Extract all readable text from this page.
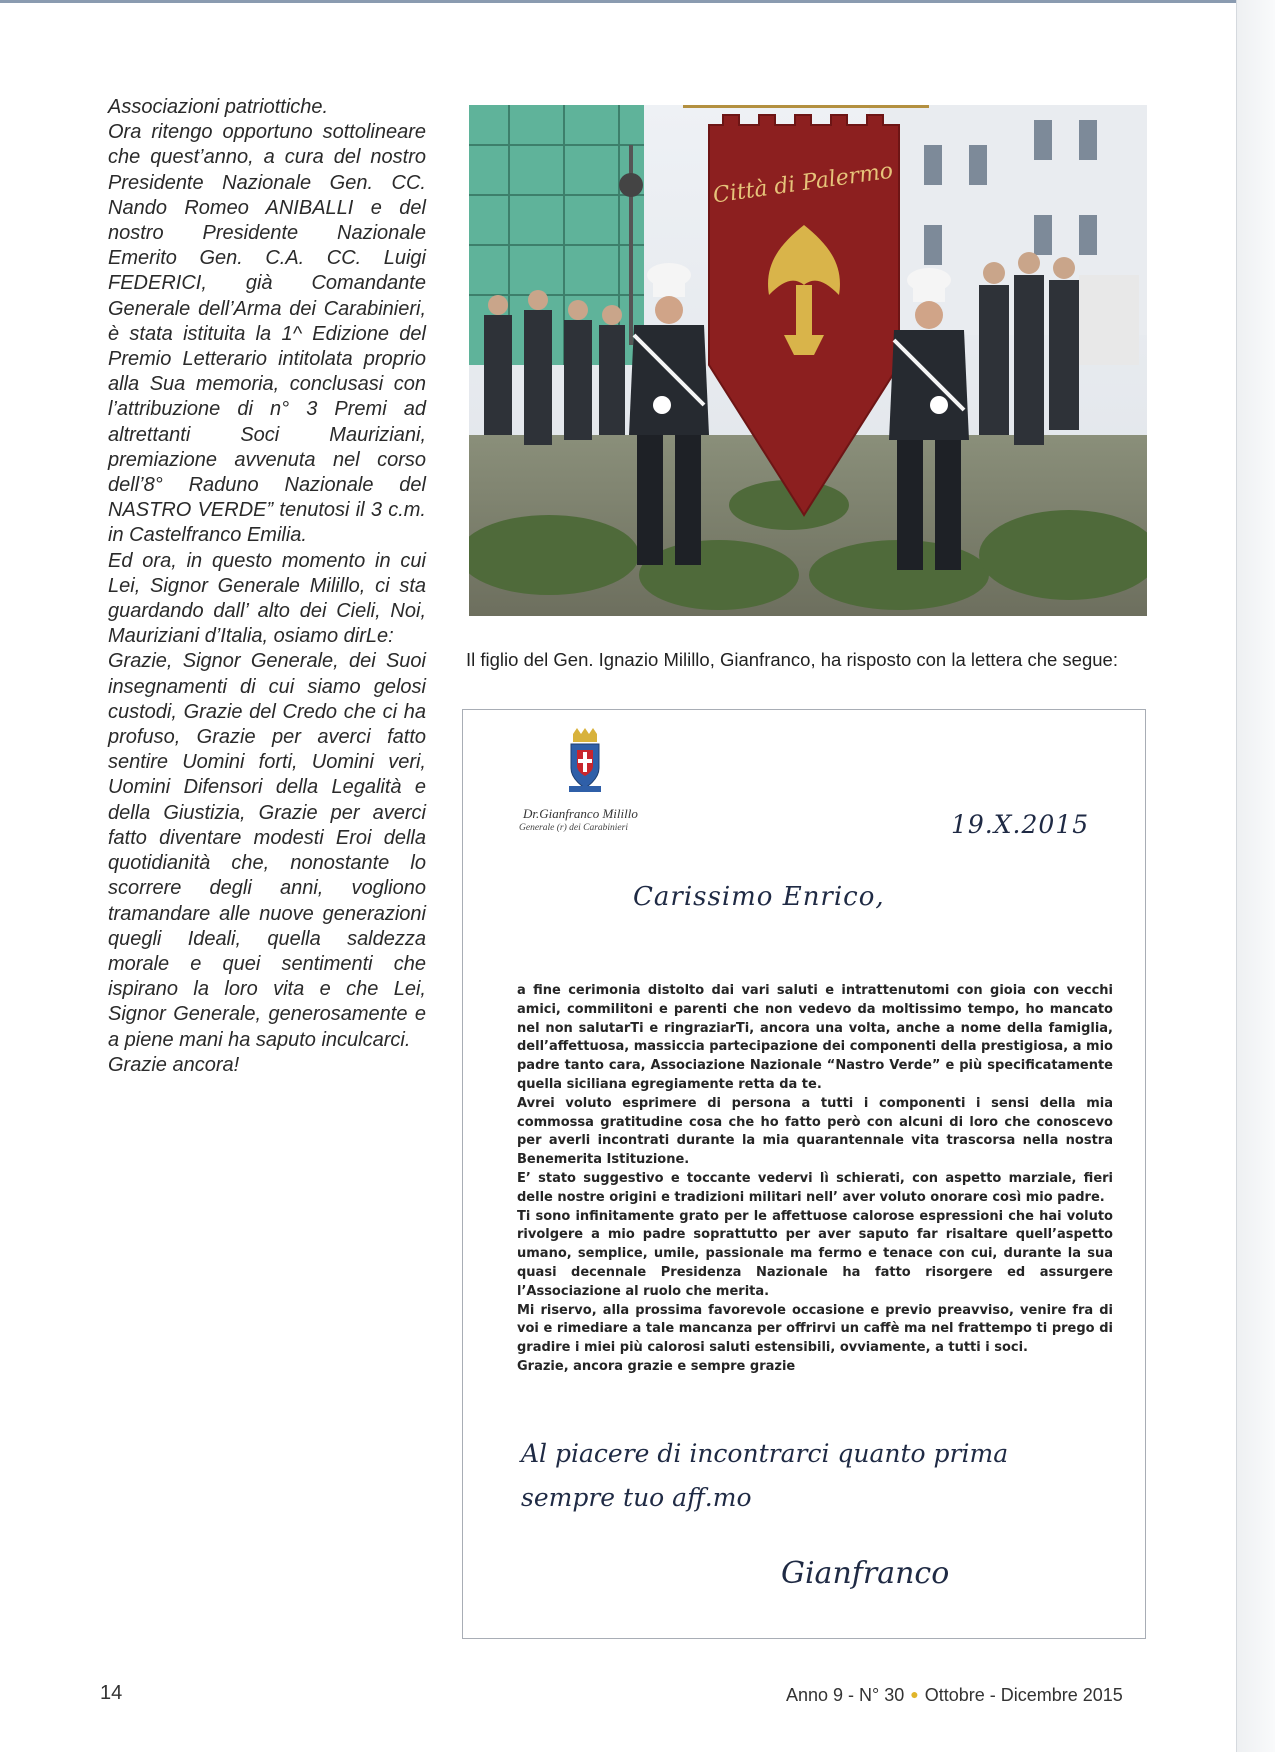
Associazioni patriottiche.

Ora ritengo opportuno sottolineare che quest’anno, a cura del nostro Presidente Nazionale Gen. CC. Nando Romeo ANIBALLI e del nostro Presidente Nazionale Emerito Gen. C.A. CC. Luigi FEDERICI, già Comandante Generale dell’Arma dei Carabinieri, è stata istituita la 1^ Edizione del Premio Letterario intitolata proprio alla Sua memoria, conclusasi con l’attribuzione di n° 3 Premi ad altrettanti Soci Mauriziani, premiazione avvenuta nel corso dell’8° Raduno Nazionale del NASTRO VERDE” tenutosi il 3 c.m. in Castelfranco Emilia.

Ed ora, in questo momento in cui Lei, Signor Generale Milillo, ci sta guardando dall’ alto dei Cieli, Noi, Mauriziani d’Italia, osiamo dirLe:

Grazie, Signor Generale, dei Suoi insegnamenti di cui siamo gelosi custodi, Grazie del Credo che ci ha profuso, Grazie per averci fatto sentire Uomini forti, Uomini veri, Uomini Difensori della Legalità e della Giustizia, Grazie per averci fatto diventare modesti Eroi della quotidianità che, nonostante lo scorrere degli anni, vogliono tramandare alle nuove generazioni quegli Ideali, quella saldezza morale e quei sentimenti che ispirano la loro vita e che Lei, Signor Generale, generosamente e a piene mani ha saputo inculcarci.

Grazie ancora!

Città di Palermo
Il figlio del Gen. Ignazio Milillo, Gianfranco, ha risposto con la lettera che segue:
Dr.Gianfranco Milillo
Generale (r) dei Carabinieri	19.X.2015
Carissimo Enrico,

a fine cerimonia distolto dai vari saluti e intrattenutomi con gioia con vecchi amici, commilitoni e parenti che non vedevo da moltissimo tempo, ho mancato nel non salutarTi e ringraziarTi, ancora una volta, anche a nome della famiglia, dell’affettuosa, massiccia partecipazione dei componenti della prestigiosa, a mio padre tanto cara, Associazione Nazionale “Nastro Verde” e più specificatamente quella siciliana egregiamente retta da te.

Avrei voluto esprimere di persona a tutti i componenti i sensi della mia commossa gratitudine cosa che ho fatto però con alcuni di loro che conoscevo per averli incontrati durante la mia quarantennale vita trascorsa nella nostra Benemerita Istituzione.

E’ stato suggestivo e toccante vedervi lì schierati, con aspetto marziale, fieri delle nostre origini e tradizioni militari nell’ aver voluto onorare così mio padre.

Ti sono infinitamente grato per le affettuose calorose espressioni che hai voluto rivolgere a mio padre soprattutto per aver saputo far risaltare quell’aspetto umano, semplice, umile, passionale ma fermo e tenace con cui, durante la sua quasi decennale Presidenza Nazionale ha fatto risorgere ed assurgere l’Associazione al ruolo che merita.

Mi riservo, alla prossima favorevole occasione e previo preavviso, venire fra di voi e rimediare a tale mancanza per offrirvi un caffè ma nel frattempo ti prego di gradire i miei più calorosi saluti estensibili, ovviamente, a tutti i soci.

Grazie, ancora grazie e sempre grazie

Al piacere di incontrarci quanto prima

sempre tuo aff.mo

Gianfranco
14	Anno 9 - N° 30 ● Ottobre - Dicembre 2015
